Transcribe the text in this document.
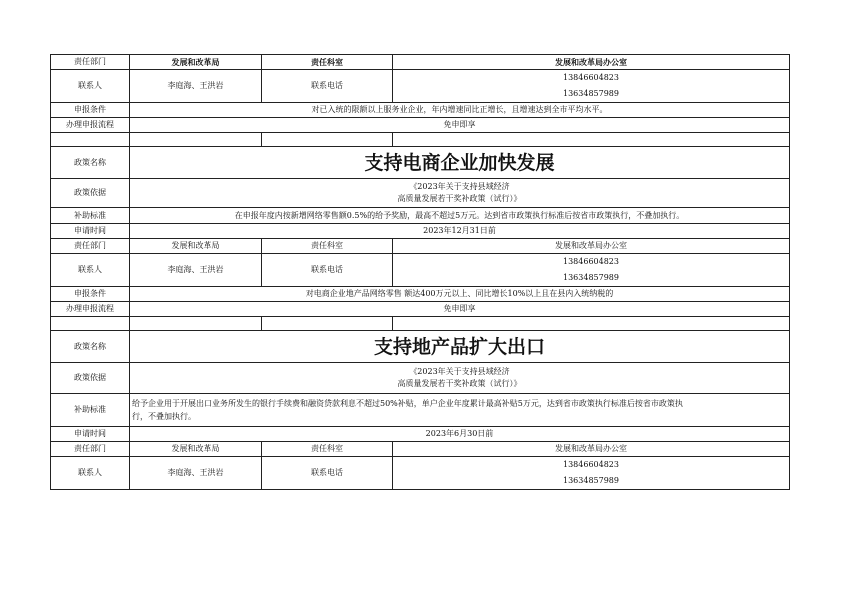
责任部门	发展和改革局	责任科室	发展和改革局办公室
联系人	李庭海、王洪岩	联系电话	13846604823
13634857989

申报条件	对已入统的限额以上服务业企业，年内增速同比正增长，且增速达到全市平均水平。		
办理申报流程	免申即享		

政策名称	支持电商企业加快发展		
政策依据	《2023年关于支持县域经济
高质量发展若干奖补政策（试行）》		

补助标准	在申报年度内按新增网络零售额0.5%的给予奖励，最高不超过5万元。达到省市政策执行标准后按省市政策执行，不叠加执行。		
申请时间	2023年12月31日前		
责任部门	发展和改革局	责任科室	发展和改革局办公室
联系人	李庭海、王洪岩	联系电话	13846604823
13634857989

申报条件	对电商企业地产品网络零售 额达400万元以上、同比增长10%以上且在县内入统纳税的		
办理申报流程	免申即享		

政策名称	支持地产品扩大出口		
政策依据	《2023年关于支持县域经济
高质量发展若干奖补政策（试行）》		

补助标准	给予企业用于开展出口业务所发生的银行手续费和融资贷款利息不超过50%补贴，单户企业年度累计最高补贴5万元，达到省市政策执行标准后按省市政策执
行，不叠加执行。		

申请时间	2023年6月30日前		
责任部门	发展和改革局	责任科室	发展和改革局办公室
联系人	李庭海、王洪岩	联系电话	13846604823
13634857989
